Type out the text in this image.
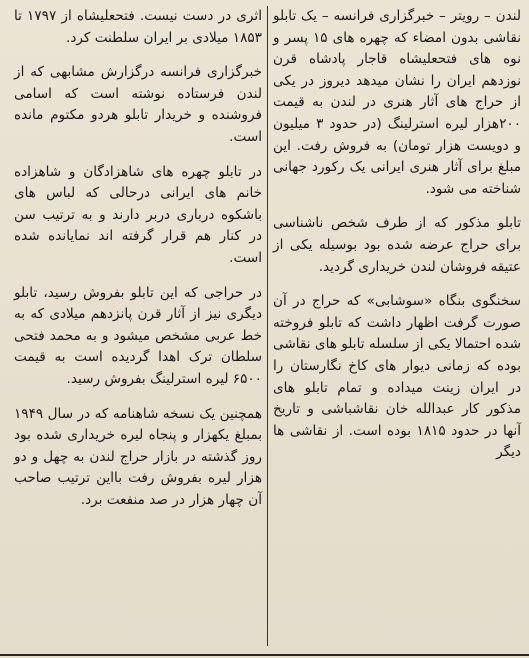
لندن – رویتر – خبرگزاری فرانسه – یک تابلو نقاشی بدون امضاء که چهره های ۱۵ پسر و نوه های فتحعلیشاه قاجار پادشاه قرن نوزدهم ایران را نشان میدهد دیروز در یکی از حراج های آثار هنری در لندن به قیمت ۲۰۰هزار لیره استرلینگ (در حدود ۳ میلیون و دویست هزار تومان) به فروش رفت. این مبلغ برای آثار هنری ایرانی یک رکورد جهانی شناخته می شود.

تابلو مذکور که از طرف شخص ناشناسی برای حراج عرضه شده بود بوسیله یکی از عتیقه فروشان لندن خریداری گردید.

سخنگوی بنگاه «سوشابی» که حراج در آن صورت گرفت اظهار داشت که تابلو فروخته شده احتمالا یکی از سلسله تابلو های نقاشی بوده که زمانی دیوار های کاخ نگارستان را در ایران زینت میداده و تمام تابلو های مذکور کار عبدالله خان نقاشباشی و تاریخ آنها در حدود ۱۸۱۵ بوده است. از نقاشی ها دیگر

اثری در دست نیست. فتحعلیشاه از ۱۷۹۷ تا ۱۸۵۳ میلادی بر ایران سلطنت کرد.

خبرگزاری فرانسه درگزارش مشابهی که از لندن فرستاده نوشته است که اسامی فروشنده و خریدار تابلو هردو مکتوم مانده است.

در تابلو چهره های شاهزادگان و شاهزاده خانم های ایرانی درحالی که لباس های باشکوه درباری دربر دارند و به ترتیب سن در کنار هم قرار گرفته اند نمایانده شده است.

در حراجی که این تابلو بفروش رسید، تابلو دیگری نیز از آثار قرن پانزدهم میلادی که به خط عربی مشخص میشود و به محمد فتحی سلطان ترک اهدا گردیده است به قیمت ۶۵۰۰ لیره استرلینگ بفروش رسید.

همچنین یک نسخه شاهنامه که در سال ۱۹۴۹ بمبلغ یکهزار و پنجاه لیره خریداری شده بود روز گذشته در بازار حراج لندن به چهل و دو هزار لیره بفروش رفت بااین ترتیب صاحب آن چهار هزار در صد منفعت برد.
